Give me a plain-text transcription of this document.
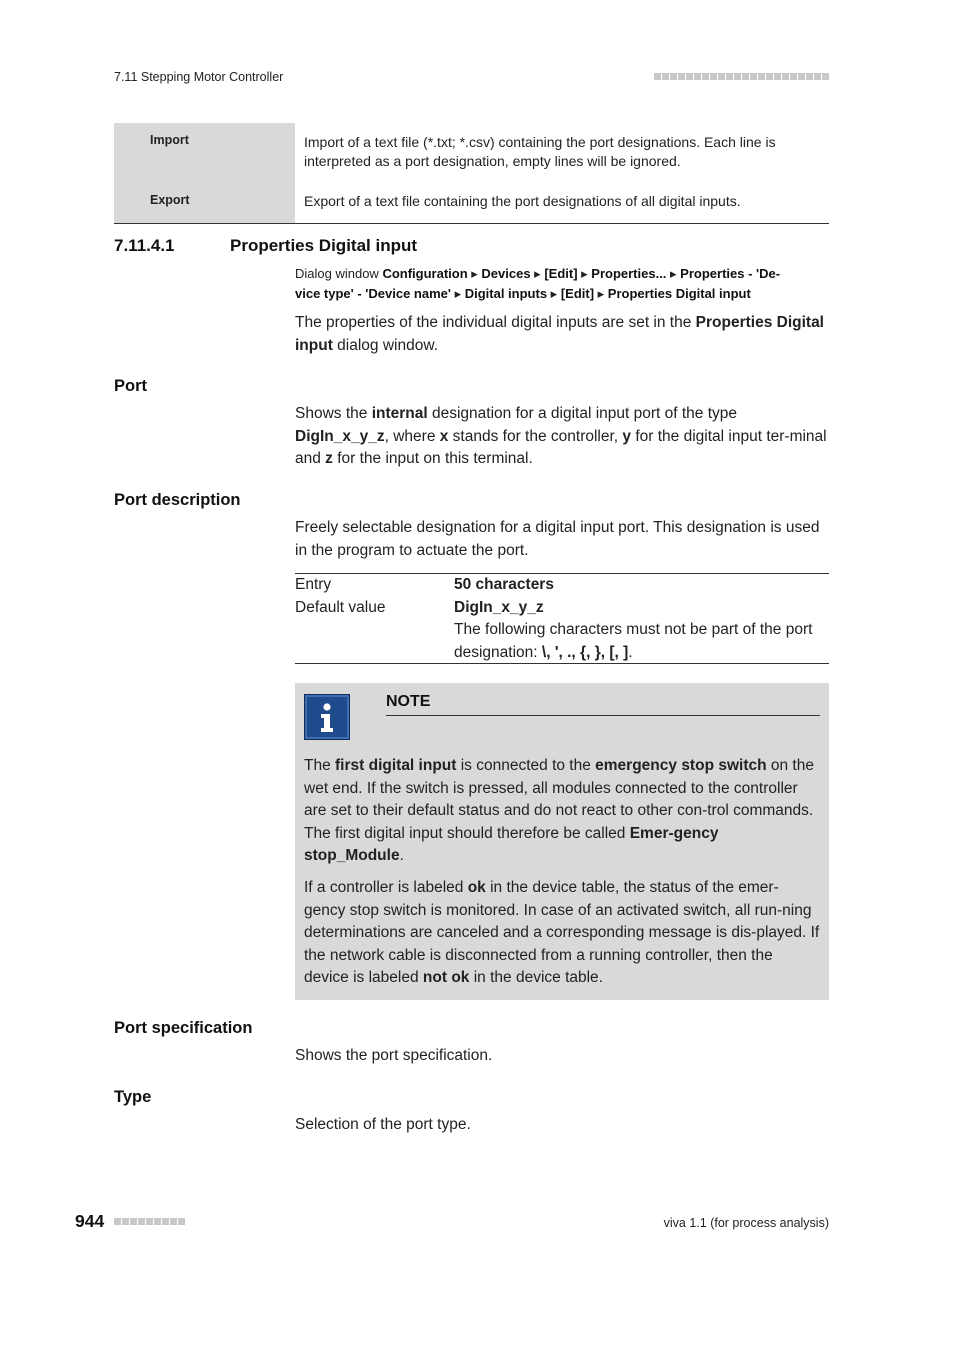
7.11 Stepping Motor Controller
Import	Import of a text file (*.txt; *.csv) containing the port designations. Each line is interpreted as a port designation, empty lines will be ignored.
Export	Export of a text file containing the port designations of all digital inputs.
7.11.4.1	Properties Digital input
Dialog window Configuration ▸ Devices ▸ [Edit] ▸ Properties... ▸ Properties - 'De-
vice type' - 'Device name' ▸ Digital inputs ▸ [Edit] ▸ Properties Digital input
The properties of the individual digital inputs are set in the Properties Digital input dialog window.
Port
Shows the internal designation for a digital input port of the type DigIn_x_y_z, where x stands for the controller, y for the digital input ter-minal and z for the input on this terminal.
Port description
Freely selectable designation for a digital input port. This designation is used in the program to actuate the port.
Entry	50 characters
Default value	DigIn_x_y_z
The following characters must not be part of the port designation: \, ', ., {, }, [, ].
NOTE
The first digital input is connected to the emergency stop switch on the wet end. If the switch is pressed, all modules connected to the controller are set to their default status and do not react to other con-trol commands. The first digital input should therefore be called Emer-gency stop_Module.
If a controller is labeled ok in the device table, the status of the emer-gency stop switch is monitored. In case of an activated switch, all run-ning determinations are canceled and a corresponding message is dis-played. If the network cable is disconnected from a running controller, then the device is labeled not ok in the device table.
Port specification
Shows the port specification.
Type
Selection of the port type.
944	viva 1.1 (for process analysis)
